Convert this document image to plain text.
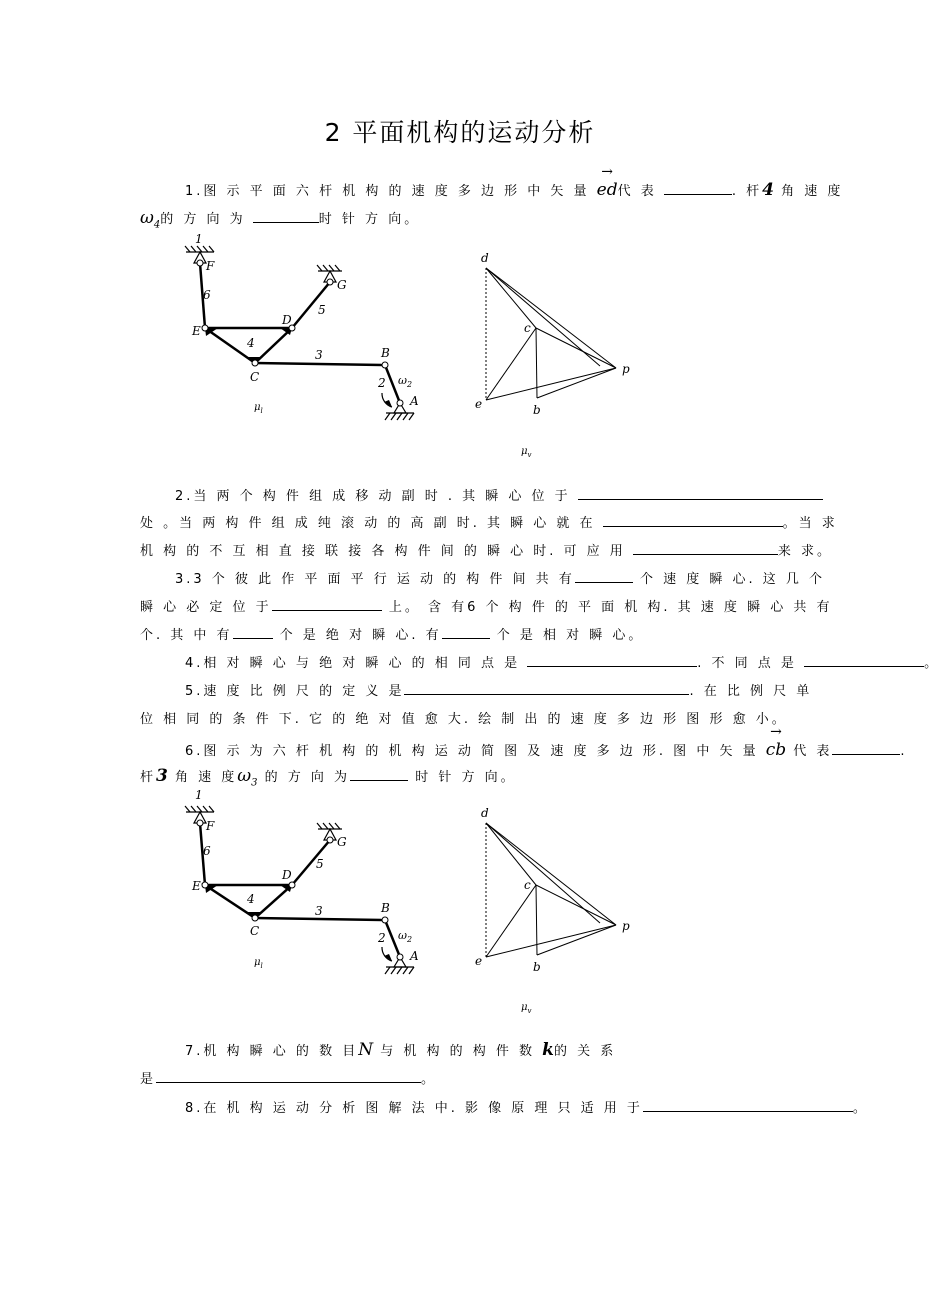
2 平面机构的运动分析
1.图 示 平 面 六 杆 机 构 的 速 度 多 边 形 中 矢 量
→
ed代 表	. 杆4 角 速 度
$\omega_4$的 方 向 为	时 针 方 向。
1
F
6
G
5
E
D
4
3	B
C	2 $\omega_2$
A
$\mu_l$
d
c
p
e	b
$\mu_v$
2.当 两 个 构 件 组 成 移 动 副 时 . 其 瞬 心 位 于
处 。当 两 构 件 组 成 纯 滚 动 的 高 副 时. 其 瞬 心 就 在	。当 求
机 构 的 不 互 相 直 接 联 接 各 构 件 间 的 瞬 心 时. 可 应 用	来 求。
3.3 个 彼 此 作 平 面 平 行 运 动 的 构 件 间 共 有	个 速 度 瞬 心. 这 几 个
瞬 心 必 定 位 于	上。 含 有6 个 构 件 的 平 面 机 构. 其 速 度 瞬 心 共 有
个. 其 中 有	个 是 绝 对 瞬 心. 有	个 是 相 对 瞬 心。
4.相 对 瞬 心 与 绝 对 瞬 心 的 相 同 点 是	. 不 同 点 是	。
5.速 度 比 例 尺 的 定 义 是	. 在 比 例 尺 单
位 相 同 的 条 件 下. 它 的 绝 对 值 愈 大. 绘 制 出 的 速 度 多 边 形 图 形 愈 小。
6.图 示 为 六 杆 机 构 的 机 构 运 动 简 图 及 速 度 多 边 形. 图 中 矢 量
→
cb 代 表	.
杆3 角 速 度$\omega_3$ 的 方 向 为	时 针 方 向。
1
F
6
G
5
E
D
4
3	B
C	2 $\omega_2$
A
$\mu_l$
d
c
p
e	b
$\mu_v$
7.机 构 瞬 心 的 数 目N 与 机 构 的 构 件 数 k的 关 系
是	。
8.在 机 构 运 动 分 析 图 解 法 中. 影 像 原 理 只 适 用 于	。
